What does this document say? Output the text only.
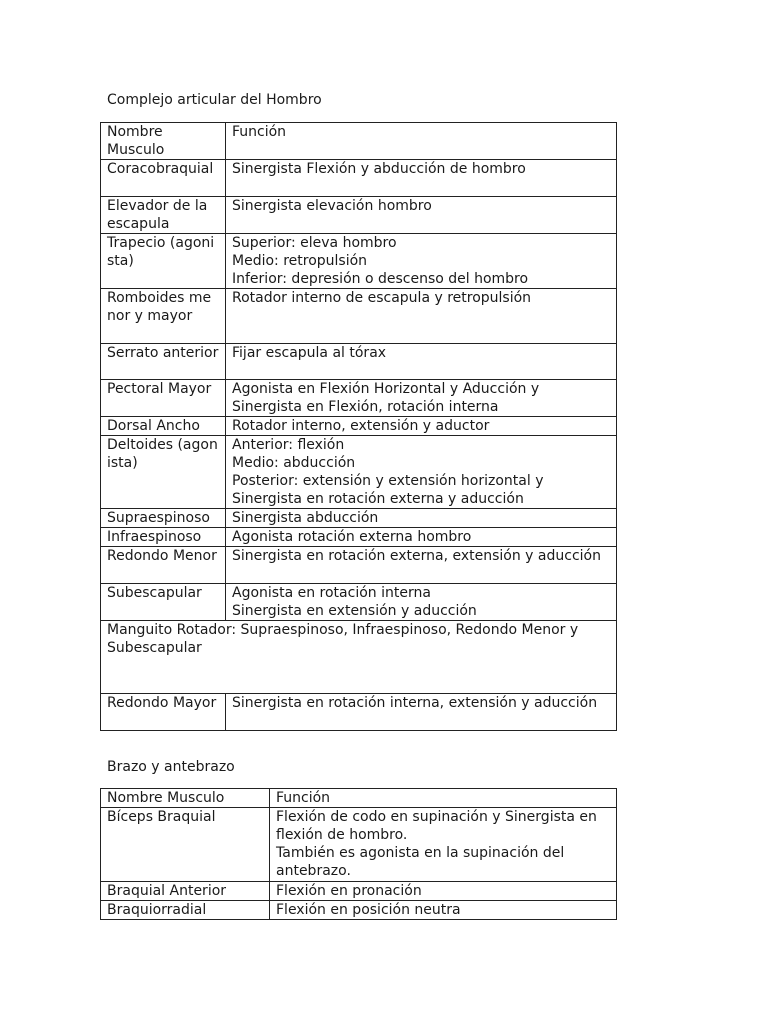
Complejo articular del Hombro
Nombre Musculo	Función
Coracobraquial	Sinergista Flexión y abducción de hombro

Elevador de la escapula	Sinergista elevación hombro

Trapecio (agonista)	Superior: eleva hombro
Medio: retropulsión
Inferior: depresión o descenso del hombro

Romboides menor y mayor	Rotador interno de escapula y retropulsión

Serrato anterior	Fijar escapula al tórax

Pectoral Mayor	Agonista en Flexión Horizontal y Aducción y Sinergista en Flexión, rotación interna

Dorsal Ancho	Rotador interno, extensión y aductor

Deltoides (agonista)	Anterior: flexión
Medio: abducción
Posterior: extensión y extensión horizontal y Sinergista en rotación externa y aducción

Supraespinoso	Sinergista abducción

Infraespinoso	Agonista rotación externa hombro

Redondo Menor	Sinergista en rotación externa, extensión y aducción

Subescapular	Agonista en rotación interna
Sinergista en extensión y aducción

Manguito Rotador: Supraespinoso, Infraespinoso, Redondo Menor y Subescapular	
Redondo Mayor	Sinergista en rotación interna, extensión y aducción
Brazo y antebrazo
Nombre Musculo	Función
Bíceps Braquial	Flexión de codo en supinación y Sinergista en flexión de hombro.
También es agonista en la supinación del antebrazo.

Braquial Anterior	Flexión en pronación

Braquiorradial	Flexión en posición neutra
